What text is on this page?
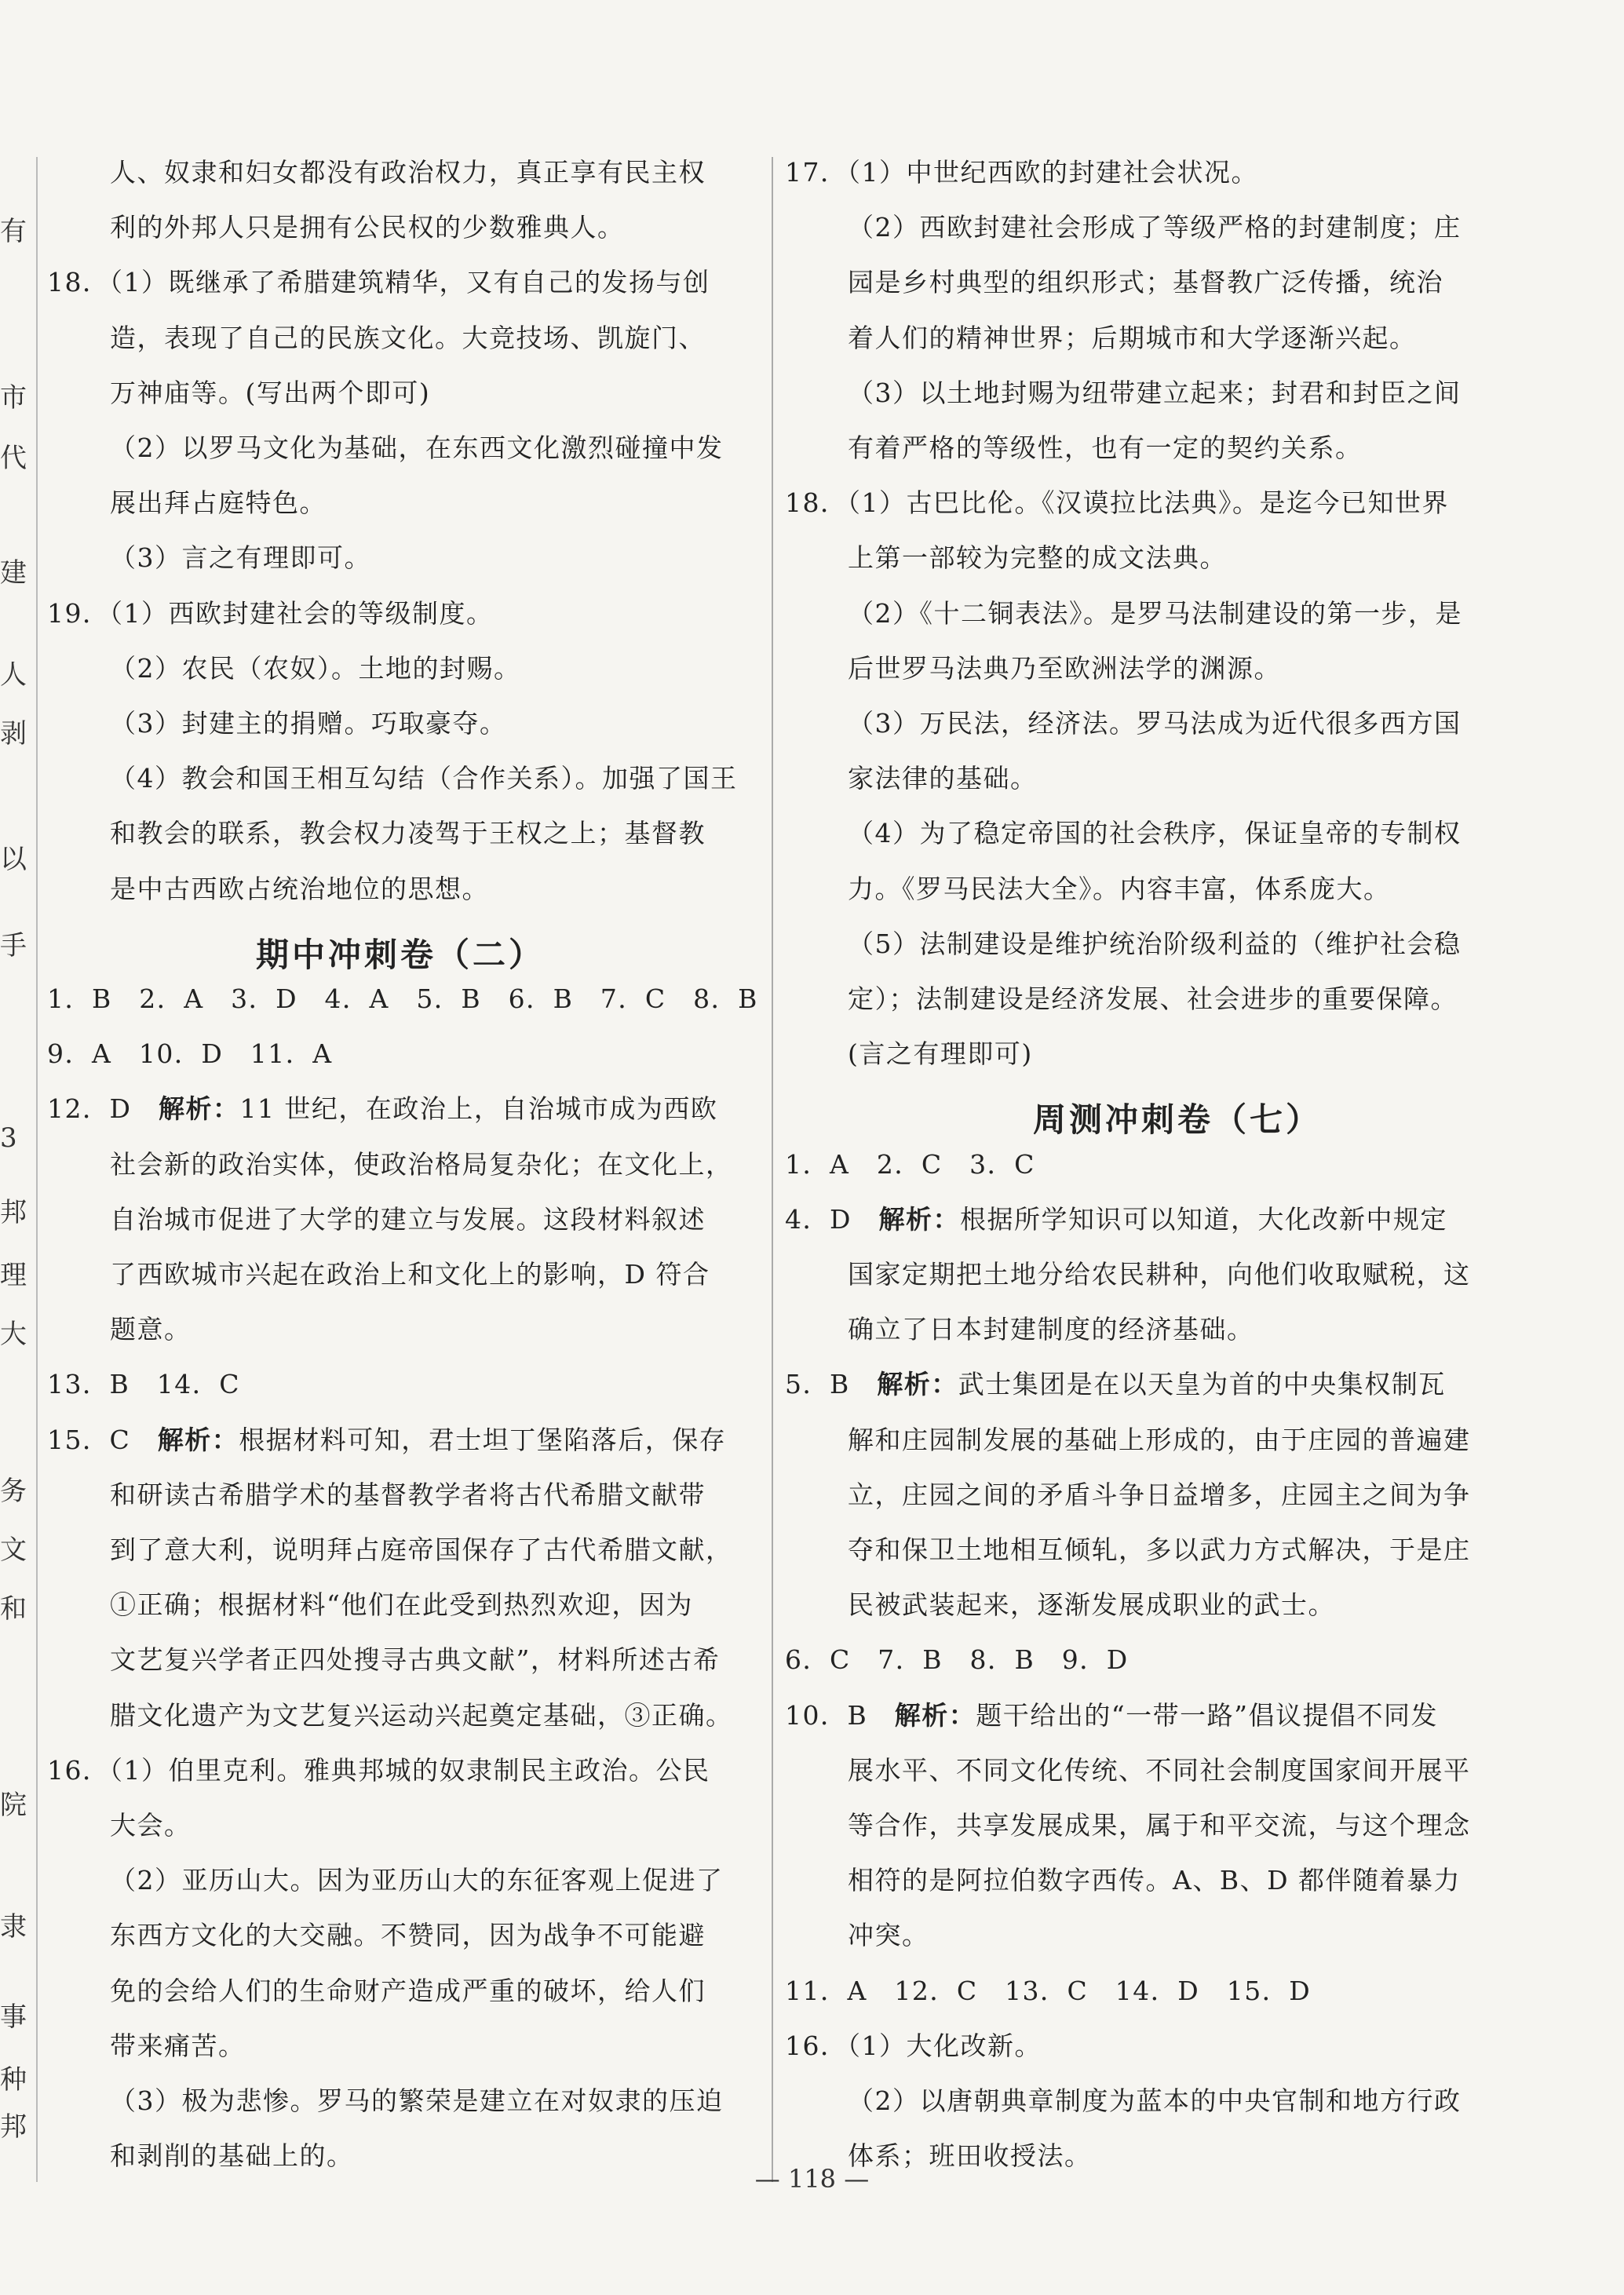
有
市
代
建
人
剥
以
手
3
邦
理
大
务
文
和
院
隶
事
种
邦
人、奴隶和妇女都没有政治权力，真正享有民主权
利的外邦人只是拥有公民权的少数雅典人。
18．（1）既继承了希腊建筑精华，又有自己的发扬与创
造，表现了自己的民族文化。大竞技场、凯旋门、
万神庙等。(写出两个即可)
（2）以罗马文化为基础，在东西文化激烈碰撞中发
展出拜占庭特色。
（3）言之有理即可。
19．（1）西欧封建社会的等级制度。
（2）农民（农奴）。土地的封赐。
（3）封建主的捐赠。巧取豪夺。
（4）教会和国王相互勾结（合作关系）。加强了国王
和教会的联系，教会权力凌驾于王权之上；基督教
是中古西欧占统治地位的思想。
期中冲刺卷（二）
1．B　2．A　3．D　4．A　5．B　6．B　7．C　8．B
9．A　10．D　11．A
12．D　解析：11 世纪，在政治上，自治城市成为西欧
社会新的政治实体，使政治格局复杂化；在文化上，
自治城市促进了大学的建立与发展。这段材料叙述
了西欧城市兴起在政治上和文化上的影响，D 符合
题意。
13．B　14．C
15．C　解析：根据材料可知，君士坦丁堡陷落后，保存
和研读古希腊学术的基督教学者将古代希腊文献带
到了意大利，说明拜占庭帝国保存了古代希腊文献，
①正确；根据材料“他们在此受到热烈欢迎，因为
文艺复兴学者正四处搜寻古典文献”，材料所述古希
腊文化遗产为文艺复兴运动兴起奠定基础，③正确。
16．（1）伯里克利。雅典邦城的奴隶制民主政治。公民
大会。
（2）亚历山大。因为亚历山大的东征客观上促进了
东西方文化的大交融。不赞同，因为战争不可能避
免的会给人们的生命财产造成严重的破坏，给人们
带来痛苦。
（3）极为悲惨。罗马的繁荣是建立在对奴隶的压迫
和剥削的基础上的。
17．（1）中世纪西欧的封建社会状况。
（2）西欧封建社会形成了等级严格的封建制度；庄
园是乡村典型的组织形式；基督教广泛传播，统治
着人们的精神世界；后期城市和大学逐渐兴起。
（3）以土地封赐为纽带建立起来；封君和封臣之间
有着严格的等级性，也有一定的契约关系。
18．（1）古巴比伦。《汉谟拉比法典》。是迄今已知世界
上第一部较为完整的成文法典。
（2）《十二铜表法》。是罗马法制建设的第一步，是
后世罗马法典乃至欧洲法学的渊源。
（3）万民法，经济法。罗马法成为近代很多西方国
家法律的基础。
（4）为了稳定帝国的社会秩序，保证皇帝的专制权
力。《罗马民法大全》。内容丰富，体系庞大。
（5）法制建设是维护统治阶级利益的（维护社会稳
定）；法制建设是经济发展、社会进步的重要保障。
(言之有理即可)
周测冲刺卷（七）
1．A　2．C　3．C
4．D　解析：根据所学知识可以知道，大化改新中规定
国家定期把土地分给农民耕种，向他们收取赋税，这
确立了日本封建制度的经济基础。
5．B　解析：武士集团是在以天皇为首的中央集权制瓦
解和庄园制发展的基础上形成的，由于庄园的普遍建
立，庄园之间的矛盾斗争日益增多，庄园主之间为争
夺和保卫土地相互倾轧，多以武力方式解决，于是庄
民被武装起来，逐渐发展成职业的武士。
6．C　7．B　8．B　9．D
10．B　解析：题干给出的“一带一路”倡议提倡不同发
展水平、不同文化传统、不同社会制度国家间开展平
等合作，共享发展成果，属于和平交流，与这个理念
相符的是阿拉伯数字西传。A、B、D 都伴随着暴力
冲突。
11．A　12．C　13．C　14．D　15．D
16．（1）大化改新。
（2）以唐朝典章制度为蓝本的中央官制和地方行政
体系；班田收授法。
— 118 —
